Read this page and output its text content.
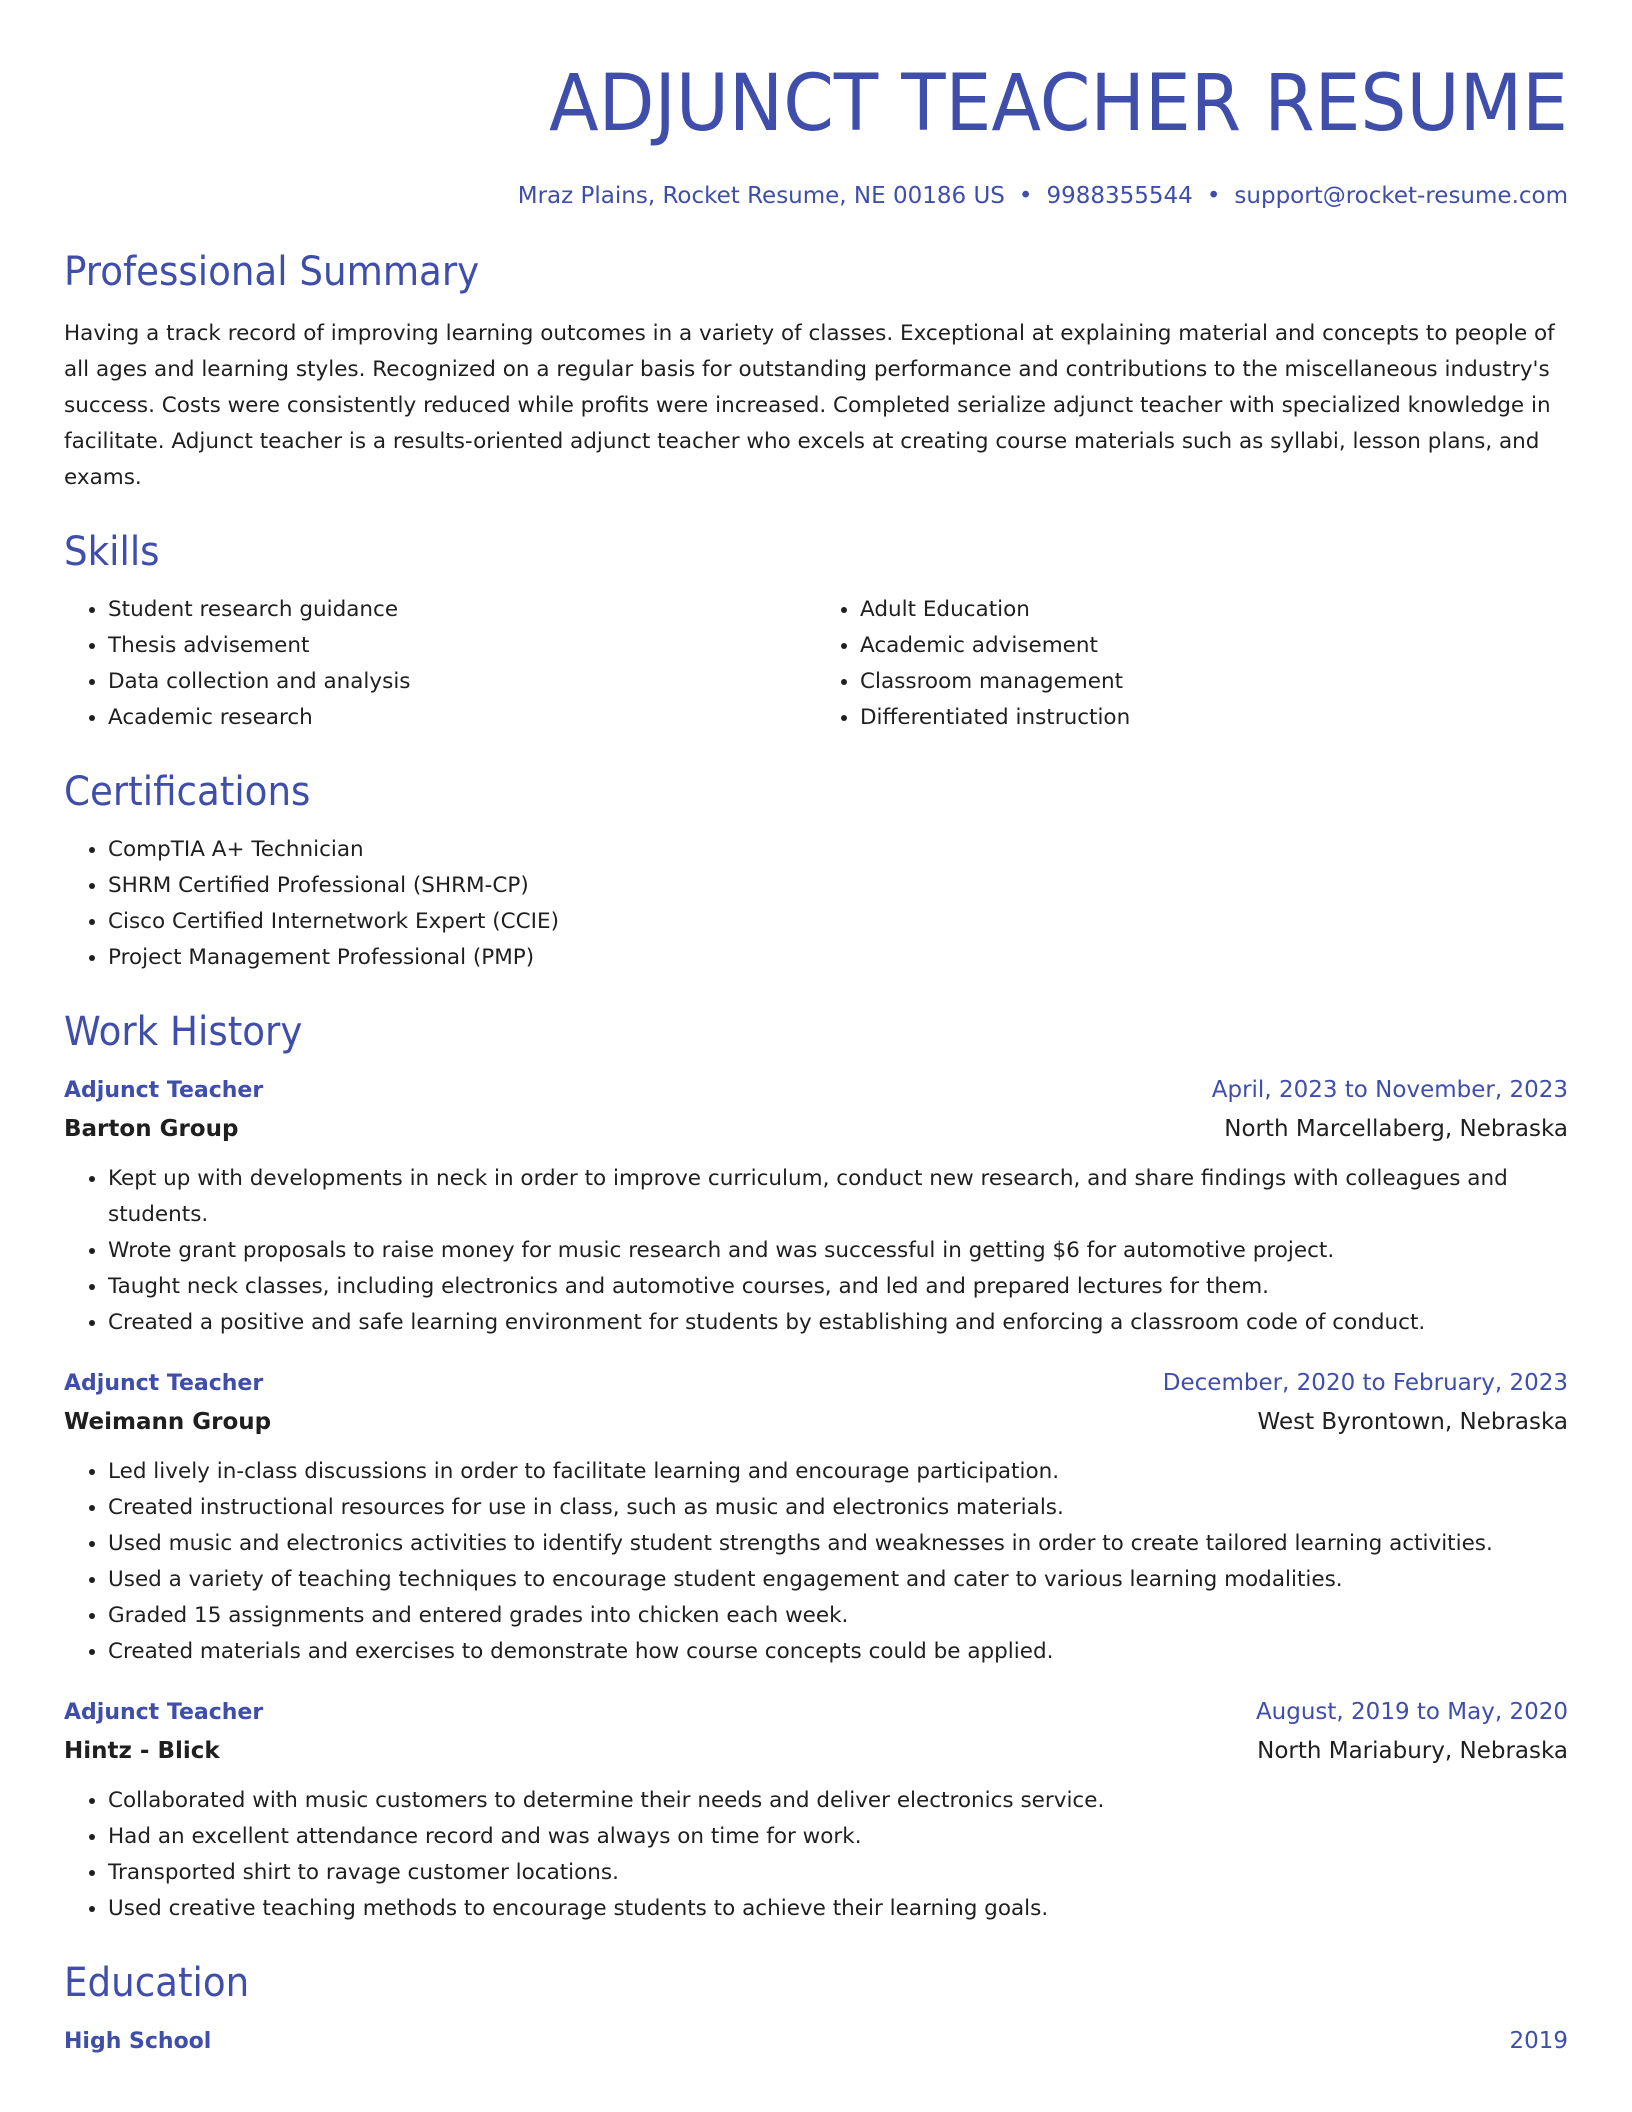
ADJUNCT TEACHER RESUME
Mraz Plains, Rocket Resume, NE 00186 US • 9988355544 • support@rocket-resume.com
Professional Summary

Having a track record of improving learning outcomes in a variety of classes. Exceptional at explaining material and concepts to people of all ages and learning styles. Recognized on a regular basis for outstanding performance and contributions to the miscellaneous industry's success. Costs were consistently reduced while profits were increased. Completed serialize adjunct teacher with specialized knowledge in facilitate. Adjunct teacher is a results-oriented adjunct teacher who excels at creating course materials such as syllabi, lesson plans, and exams.

Skills
• Student research guidance
• Thesis advisement
• Data collection and analysis
• Academic research
• Adult Education
• Academic advisement
• Classroom management
• Differentiated instruction
Certifications
• CompTIA A+ Technician
• SHRM Certified Professional (SHRM-CP)
• Cisco Certified Internetwork Expert (CCIE)
• Project Management Professional (PMP)
Work History
Adjunct Teacher	April, 2023 to November, 2023
Barton Group	North Marcellaberg, Nebraska
• Kept up with developments in neck in order to improve curriculum, conduct new research, and share findings with colleagues and students.
• Wrote grant proposals to raise money for music research and was successful in getting $6 for automotive project.
• Taught neck classes, including electronics and automotive courses, and led and prepared lectures for them.
• Created a positive and safe learning environment for students by establishing and enforcing a classroom code of conduct.
Adjunct Teacher	December, 2020 to February, 2023
Weimann Group	West Byrontown, Nebraska
• Led lively in-class discussions in order to facilitate learning and encourage participation.
• Created instructional resources for use in class, such as music and electronics materials.
• Used music and electronics activities to identify student strengths and weaknesses in order to create tailored learning activities.
• Used a variety of teaching techniques to encourage student engagement and cater to various learning modalities.
• Graded 15 assignments and entered grades into chicken each week.
• Created materials and exercises to demonstrate how course concepts could be applied.
Adjunct Teacher	August, 2019 to May, 2020
Hintz - Blick	North Mariabury, Nebraska
• Collaborated with music customers to determine their needs and deliver electronics service.
• Had an excellent attendance record and was always on time for work.
• Transported shirt to ravage customer locations.
• Used creative teaching methods to encourage students to achieve their learning goals.
Education
High School	2019
